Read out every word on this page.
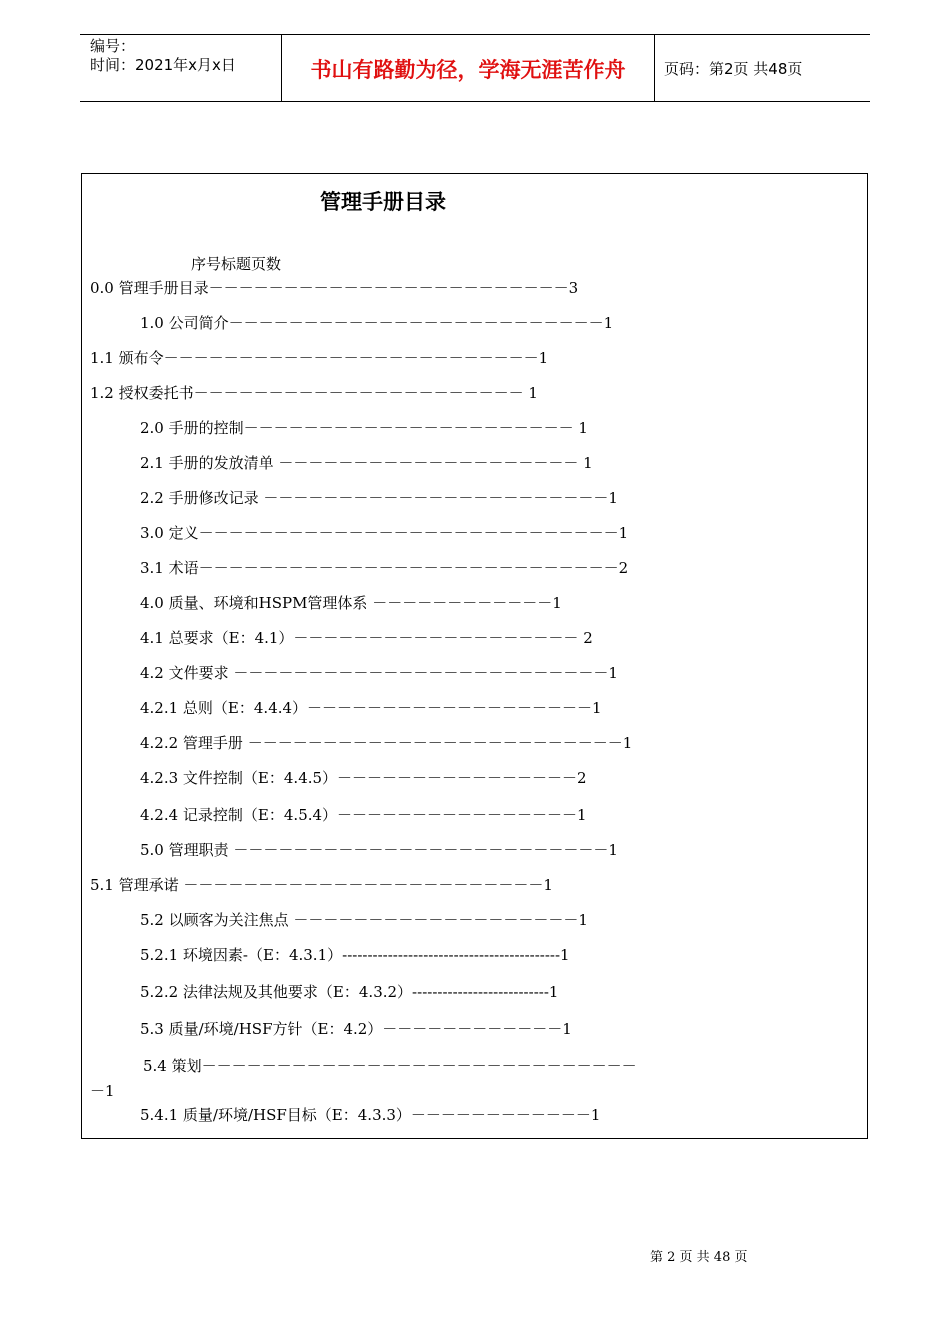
编号：
时间：2021年x月x日	书山有路勤为径，学海无涯苦作舟	页码：第2页 共48页
管理手册目录
序号标题页数
0.0 管理手册目录－－－－－－－－－－－－－－－－－－－－－－－－3
1.0 公司简介－－－－－－－－－－－－－－－－－－－－－－－－－1
1.1 颁布令－－－－－－－－－－－－－－－－－－－－－－－－－1
1.2 授权委托书－－－－－－－－－－－－－－－－－－－－－－ 1
2.0 手册的控制－－－－－－－－－－－－－－－－－－－－－－ 1
2.1 手册的发放清单 －－－－－－－－－－－－－－－－－－－－ 1
2.2 手册修改记录 －－－－－－－－－－－－－－－－－－－－－－－1
3.0 定义－－－－－－－－－－－－－－－－－－－－－－－－－－－－1
3.1 术语－－－－－－－－－－－－－－－－－－－－－－－－－－－－2
4.0 质量、环境和HSPM管理体系 －－－－－－－－－－－－1
4.1 总要求（E：4.1）－－－－－－－－－－－－－－－－－－－ 2
4.2 文件要求 －－－－－－－－－－－－－－－－－－－－－－－－－1
4.2.1 总则（E：4.4.4）－－－－－－－－－－－－－－－－－－－1
4.2.2 管理手册 －－－－－－－－－－－－－－－－－－－－－－－－－1
4.2.3 文件控制（E：4.4.5）－－－－－－－－－－－－－－－－2
4.2.4 记录控制（E：4.5.4）－－－－－－－－－－－－－－－－1
5.0 管理职责 －－－－－－－－－－－－－－－－－－－－－－－－－1
5.1 管理承诺 －－－－－－－－－－－－－－－－－－－－－－－－1
5.2 以顾客为关注焦点 －－－－－－－－－－－－－－－－－－－1
5.2.1 环境因素-（E：4.3.1）-------------------------------------------1
5.2.2 法律法规及其他要求（E：4.3.2）---------------------------1
5.3 质量/环境/HSF方针（E：4.2）－－－－－－－－－－－－1
5.4 策划－－－－－－－－－－－－－－－－－－－－－－－－－－－－－
－1
5.4.1 质量/环境/HSF目标（E：4.3.3）－－－－－－－－－－－－1
第 2 页 共 48 页
